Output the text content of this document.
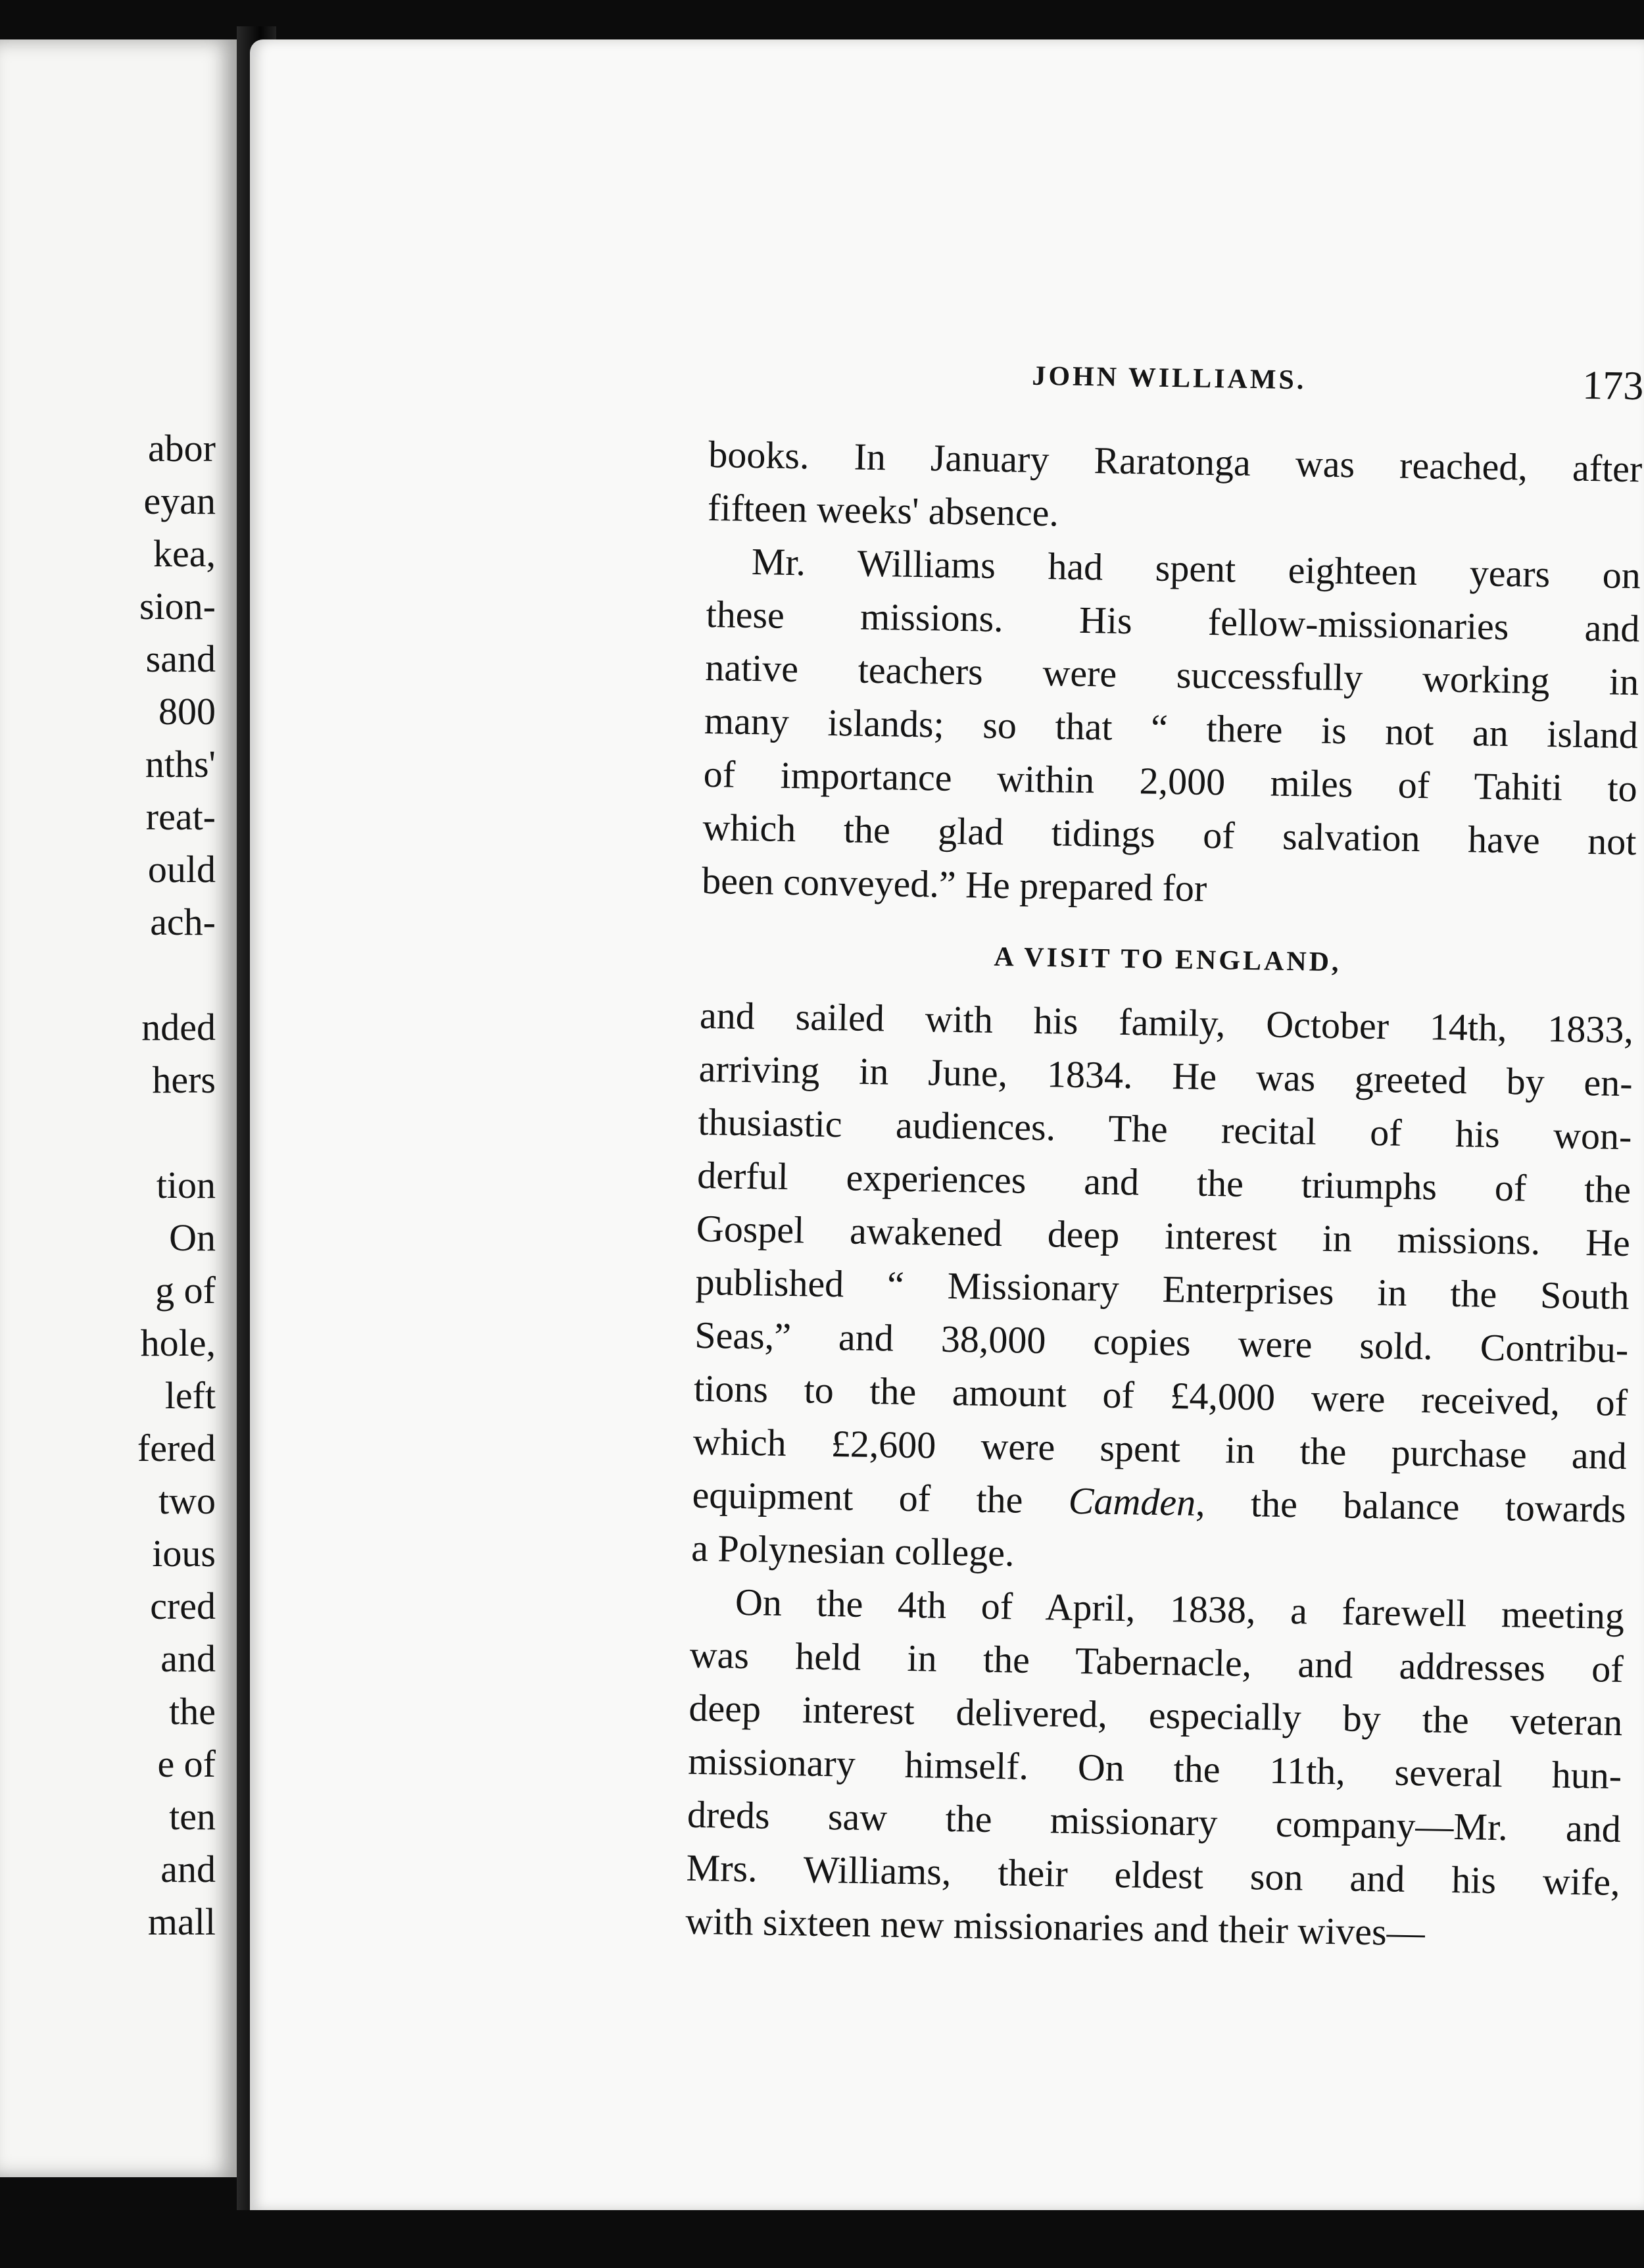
abor
eyan
kea,
sion-
sand
800
nths'
reat-
ould
ach-
nded
hers
tion
On
g of
hole,
left
fered
two
ious
cred
and
the
e of
ten
and
mall
JOHN WILLIAMS.	173
books. In January Raratonga was reached, after
fifteen weeks' absence.
Mr. Williams had spent eighteen years on
these missions. His fellow-missionaries and
native teachers were successfully working in
many islands; so that “ there is not an island
of importance within 2,000 miles of Tahiti to
which the glad tidings of salvation have not
been conveyed.” He prepared for
A VISIT TO ENGLAND,
and sailed with his family, October 14th, 1833,
arriving in June, 1834. He was greeted by en-
thusiastic audiences. The recital of his won-
derful experiences and the triumphs of the
Gospel awakened deep interest in missions. He
published “ Missionary Enterprises in the South
Seas,” and 38,000 copies were sold. Contribu-
tions to the amount of £4,000 were received, of
which £2,600 were spent in the purchase and
equipment of the Camden, the balance towards
a Polynesian college.
On the 4th of April, 1838, a farewell meeting
was held in the Tabernacle, and addresses of
deep interest delivered, especially by the veteran
missionary himself. On the 11th, several hun-
dreds saw the missionary company—Mr. and
Mrs. Williams, their eldest son and his wife,
with sixteen new missionaries and their wives—
